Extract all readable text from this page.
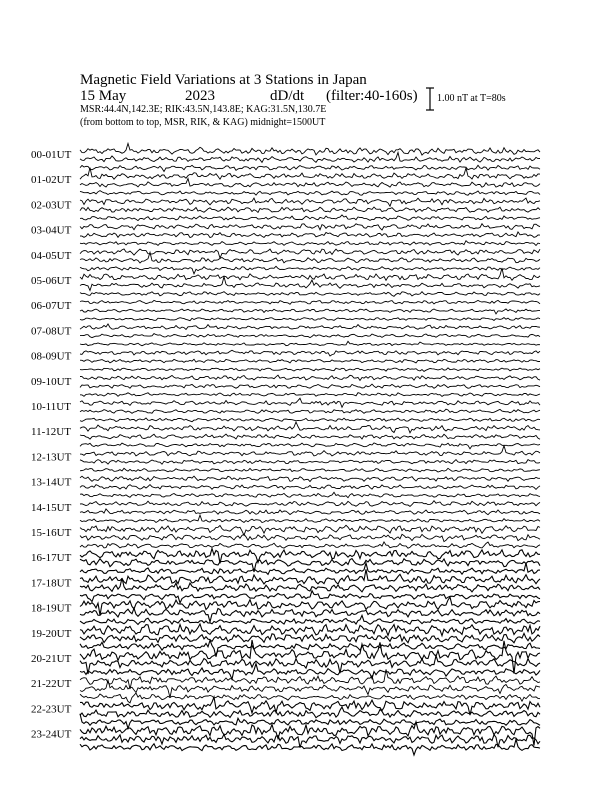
Magnetic Field Variations at 3 Stations in Japan
15 May	2023	dD/dt (filter:40-160s)
MSR:44.4N,142.3E; RIK:43.5N,143.8E; KAG:31.5N,130.7E
(from bottom to top, MSR, RIK, & KAG) midnight=1500UT
1.00 nT at T=80s
00-01UT
01-02UT
02-03UT
03-04UT
04-05UT
05-06UT
06-07UT
07-08UT
08-09UT
09-10UT
10-11UT
11-12UT
12-13UT
13-14UT
14-15UT
15-16UT
16-17UT
17-18UT
18-19UT
19-20UT
20-21UT
21-22UT
22-23UT
23-24UT
